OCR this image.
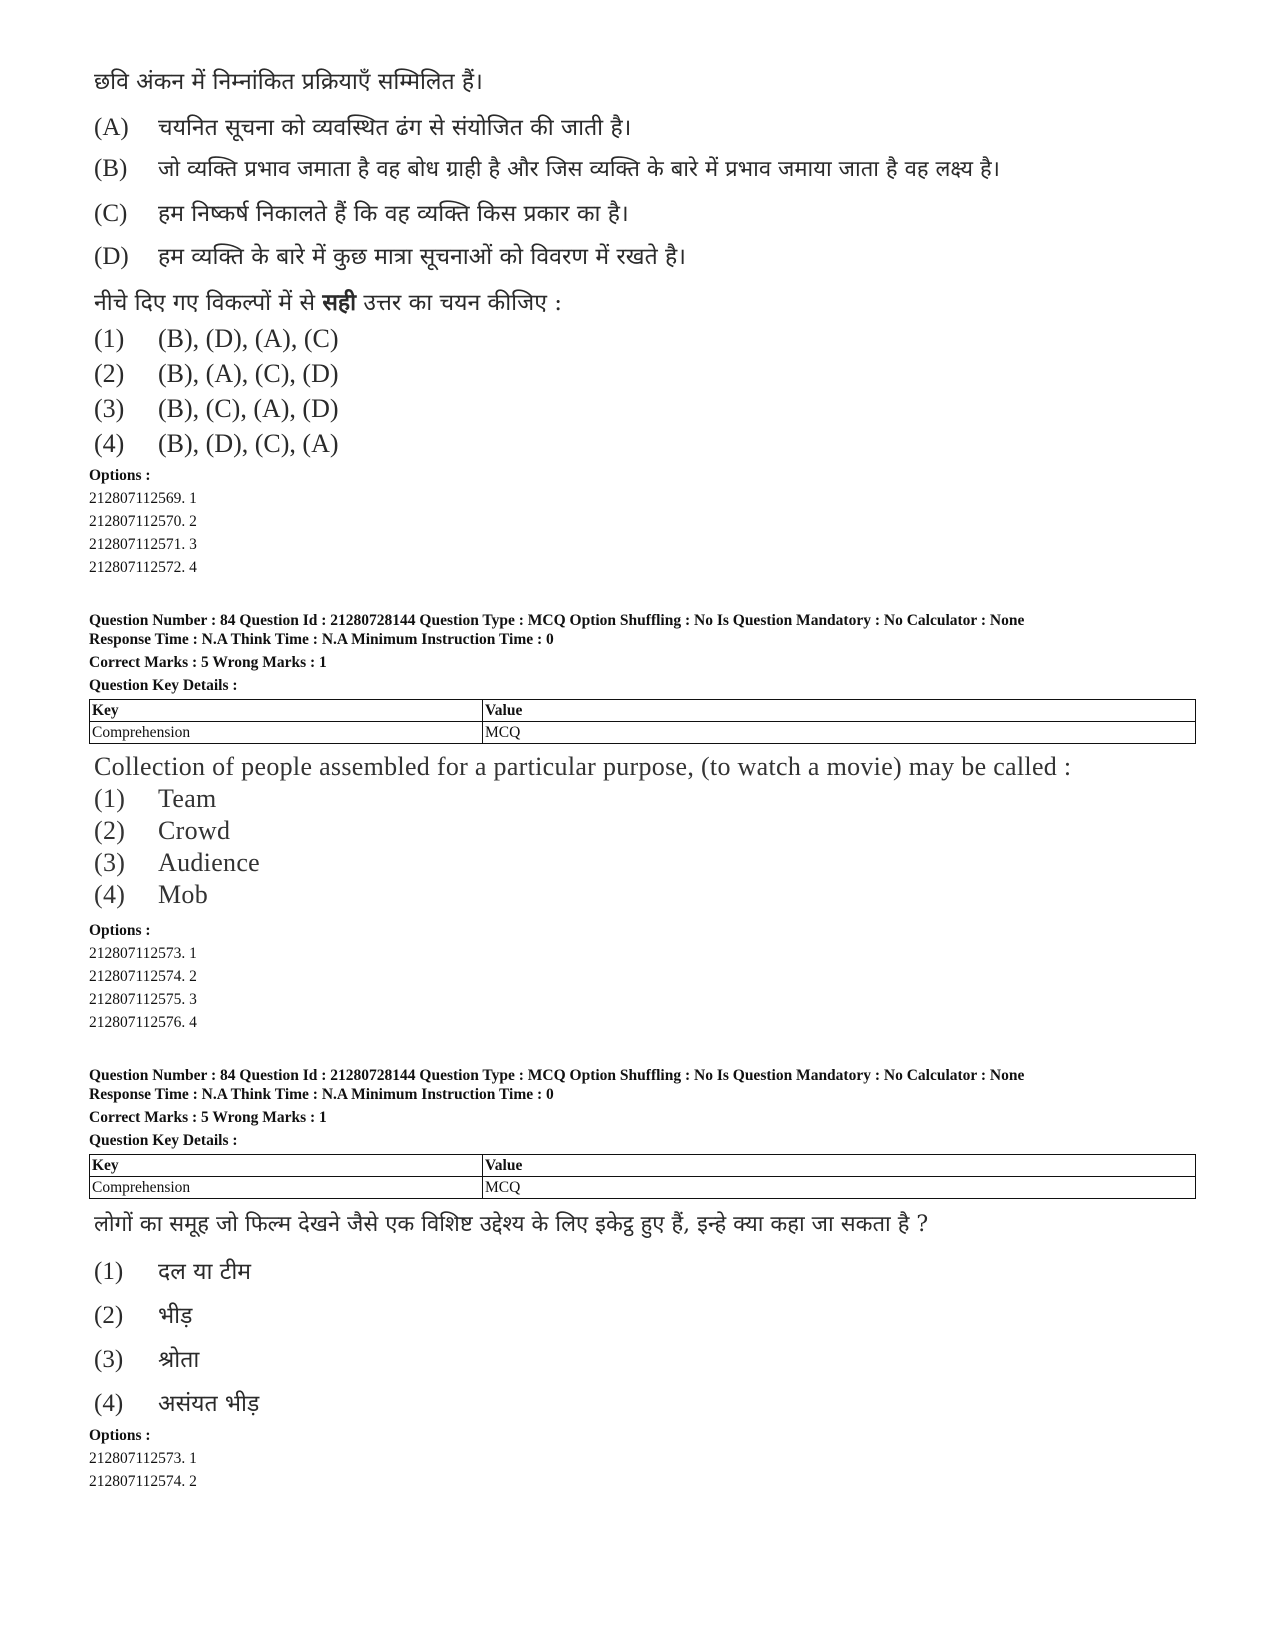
छवि अंकन में निम्नांकित प्रक्रियाएँ सम्मिलित हैं।
(A) चयनित सूचना को व्यवस्थित ढंग से संयोजित की जाती है।
(B) जो व्यक्ति प्रभाव जमाता है वह बोध ग्राही है और जिस व्यक्ति के बारे में प्रभाव जमाया जाता है वह लक्ष्य है।
(C) हम निष्कर्ष निकालते हैं कि वह व्यक्ति किस प्रकार का है।
(D) हम व्यक्ति के बारे में कुछ मात्रा सूचनाओं को विवरण में रखते है।
नीचे दिए गए विकल्पों में से सही उत्तर का चयन कीजिए :
(1) (B), (D), (A), (C)
(2) (B), (A), (C), (D)
(3) (B), (C), (A), (D)
(4) (B), (D), (C), (A)
Options :
212807112569. 1
212807112570. 2
212807112571. 3
212807112572. 4
Question Number : 84 Question Id : 21280728144 Question Type : MCQ Option Shuffling : No Is Question Mandatory : No Calculator : None
Response Time : N.A Think Time : N.A Minimum Instruction Time : 0
Correct Marks : 5 Wrong Marks : 1
Question Key Details :
Key	Value
Comprehension	MCQ
Collection of people assembled for a particular purpose, (to watch a movie) may be called :
(1) Team
(2) Crowd
(3) Audience
(4) Mob
Options :
212807112573. 1
212807112574. 2
212807112575. 3
212807112576. 4
Question Number : 84 Question Id : 21280728144 Question Type : MCQ Option Shuffling : No Is Question Mandatory : No Calculator : None
Response Time : N.A Think Time : N.A Minimum Instruction Time : 0
Correct Marks : 5 Wrong Marks : 1
Question Key Details :
Key	Value
Comprehension	MCQ
लोगों का समूह जो फिल्म देखने जैसे एक विशिष्ट उद्देश्य के लिए इकेट्ठ हुए हैं, इन्हे क्या कहा जा सकता है ?
(1) दल या टीम
(2) भीड़
(3) श्रोता
(4) असंयत भीड़
Options :
212807112573. 1
212807112574. 2
